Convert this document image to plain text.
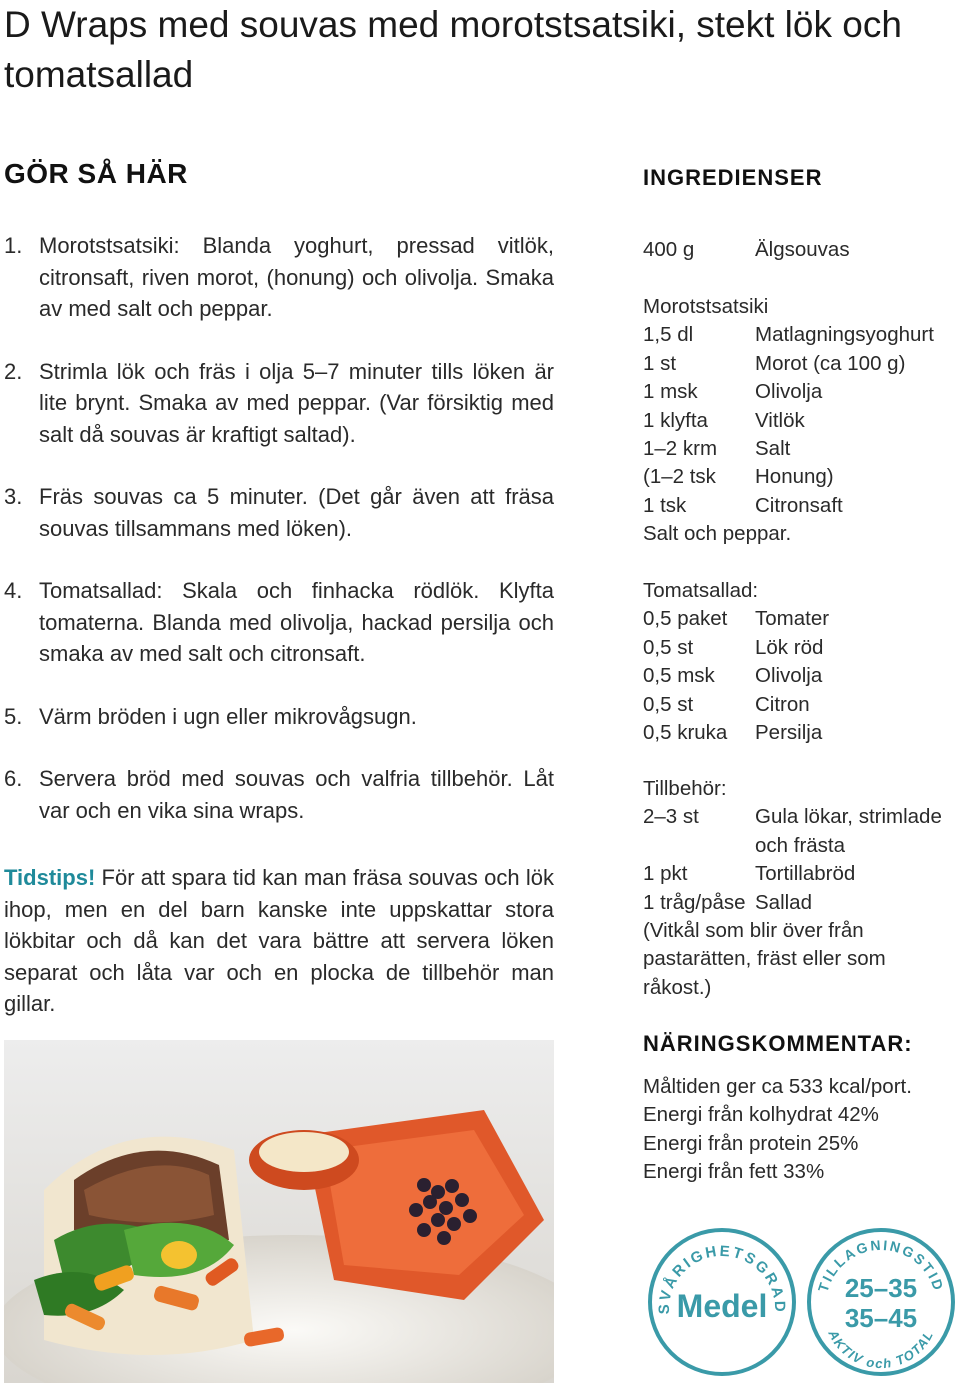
D Wraps med souvas med morotstsatsiki, stekt lök och tomatsallad
GÖR SÅ HÄR
1. Morotstsatsiki: Blanda yoghurt, pressad vitlök, citronsaft, riven morot, (honung) och olivolja. Smaka av med salt och peppar.
2. Strimla lök och fräs i olja 5–7 minuter tills löken är lite brynt. Smaka av med peppar. (Var försiktig med salt då souvas är kraftigt saltad).
3. Fräs souvas ca 5 minuter. (Det går även att fräsa souvas tillsammans med löken).
4. Tomatsallad: Skala och finhacka rödlök. Klyfta tomaterna. Blanda med olivolja, hackad persilja och smaka av med salt och citronsaft.
5. Värm bröden i ugn eller mikrovågsugn.
6. Servera bröd med souvas och valfria tillbehör. Låt var och en vika sina wraps.

Tidstips! För att spara tid kan man fräsa souvas och lök ihop, men en del barn kanske inte uppskattar stora lökbitar och då kan det vara bättre att servera löken separat och låta var och en plocka de tillbehör man gillar.

INGREDIENSER
400 g	Älgsouvas
Morotstsatsiki
1,5 dl	Matlagningsyoghurt
1 st	Morot (ca 100 g)
1 msk	Olivolja
1 klyfta	Vitlök
1–2 krm	Salt
(1–2 tsk	Honung)
1 tsk	Citronsaft
Salt och peppar.
Tomatsallad:
0,5 paket	Tomater
0,5 st	Lök röd
0,5 msk	Olivolja
0,5 st	Citron
0,5 kruka	Persilja
Tillbehör:
2–3 st	Gula lökar, strimlade och frästa
1 pkt	Tortillabröd
1 tråg/påse Sallad
(Vitkål som blir över från pastarätten, fräst eller som råkost.)
NÄRINGSKOMMENTAR:
Måltiden ger ca 533 kcal/port.
Energi från kolhydrat 42%
Energi från protein 25%
Energi från fett 33%
SVÅRIGHETSGRAD
Medel
TILLAGNINGSTID
25–35
35–45
AKTIV och TOTAL
